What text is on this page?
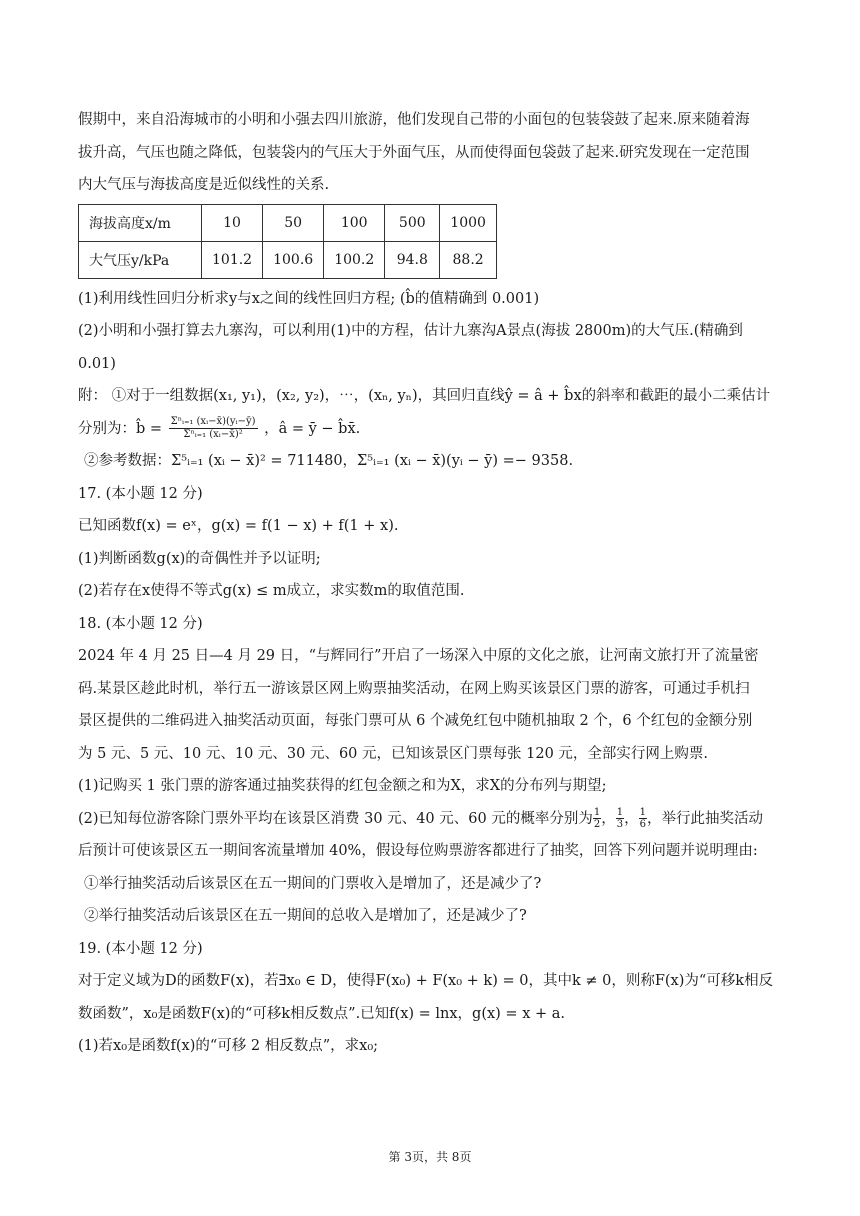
假期中，来自沿海城市的小明和小强去四川旅游，他们发现自己带的小面包的包装袋鼓了起来.原来随着海

拔升高，气压也随之降低，包装袋内的气压大于外面气压，从而使得面包袋鼓了起来.研究发现在一定范围

内大气压与海拔高度是近似线性的关系.

海拔高度x/m	10	50	100	500	1000
大气压y/kPa	101.2	100.6	100.2	94.8	88.2

(1)利用线性回归分析求y与x之间的线性回归方程; (b̂的值精确到 0.001)

(2)小明和小强打算去九寨沟，可以利用(1)中的方程，估计九寨沟A景点(海拔 2800m)的大气压.(精确到

0.01)

附： ①对于一组数据(x₁, y₁)，(x₂, y₂)，⋯，(xₙ, yₙ)，其回归直线ŷ = â + b̂x的斜率和截距的最小二乘估计

分别为：b̂ = $\frac{\text{Σⁿᵢ₌₁ (xᵢ−x̄)(yᵢ−ȳ)}}{\text{Σⁿᵢ₌₁ (xᵢ−x̄)²}}$ ，â = ȳ − b̂x̄.

②参考数据：Σ⁵ᵢ₌₁ (xᵢ − x̄)² = 711480，Σ⁵ᵢ₌₁ (xᵢ − x̄)(yᵢ − ȳ) =− 9358.

17. (本小题 12 分)

已知函数f(x) = eˣ，g(x) = f(1 − x) + f(1 + x).

(1)判断函数g(x)的奇偶性并予以证明;

(2)若存在x使得不等式g(x) ≤ m成立，求实数m的取值范围.

18. (本小题 12 分)

2024 年 4 月 25 日—4 月 29 日，“与辉同行”开启了一场深入中原的文化之旅，让河南文旅打开了流量密

码.某景区趁此时机，举行五一游该景区网上购票抽奖活动，在网上购买该景区门票的游客，可通过手机扫

景区提供的二维码进入抽奖活动页面，每张门票可从 6 个减免红包中随机抽取 2 个，6 个红包的金额分别

为 5 元、5 元、10 元、10 元、30 元、60 元，已知该景区门票每张 120 元，全部实行网上购票.

(1)记购买 1 张门票的游客通过抽奖获得的红包金额之和为X，求X的分布列与期望;

(2)已知每位游客除门票外平均在该景区消费 30 元、40 元、60 元的概率分别为 $\frac{1}{2}$ ， $\frac{1}{3}$ ， $\frac{1}{6}$ ，举行此抽奖活动

后预计可使该景区五一期间客流量增加 40%，假设每位购票游客都进行了抽奖，回答下列问题并说明理由:

①举行抽奖活动后该景区在五一期间的门票收入是增加了，还是减少了?

②举行抽奖活动后该景区在五一期间的总收入是增加了，还是减少了?

19. (本小题 12 分)

对于定义域为D的函数F(x)，若∃x₀ ∈ D，使得F(x₀) + F(x₀ + k) = 0，其中k ≠ 0，则称F(x)为“可移k相反

数函数”，x₀是函数F(x)的“可移k相反数点”.已知f(x) = lnx，g(x) = x + a.

(1)若x₀是函数f(x)的“可移 2 相反数点”，求x₀;

第 3页，共 8页
